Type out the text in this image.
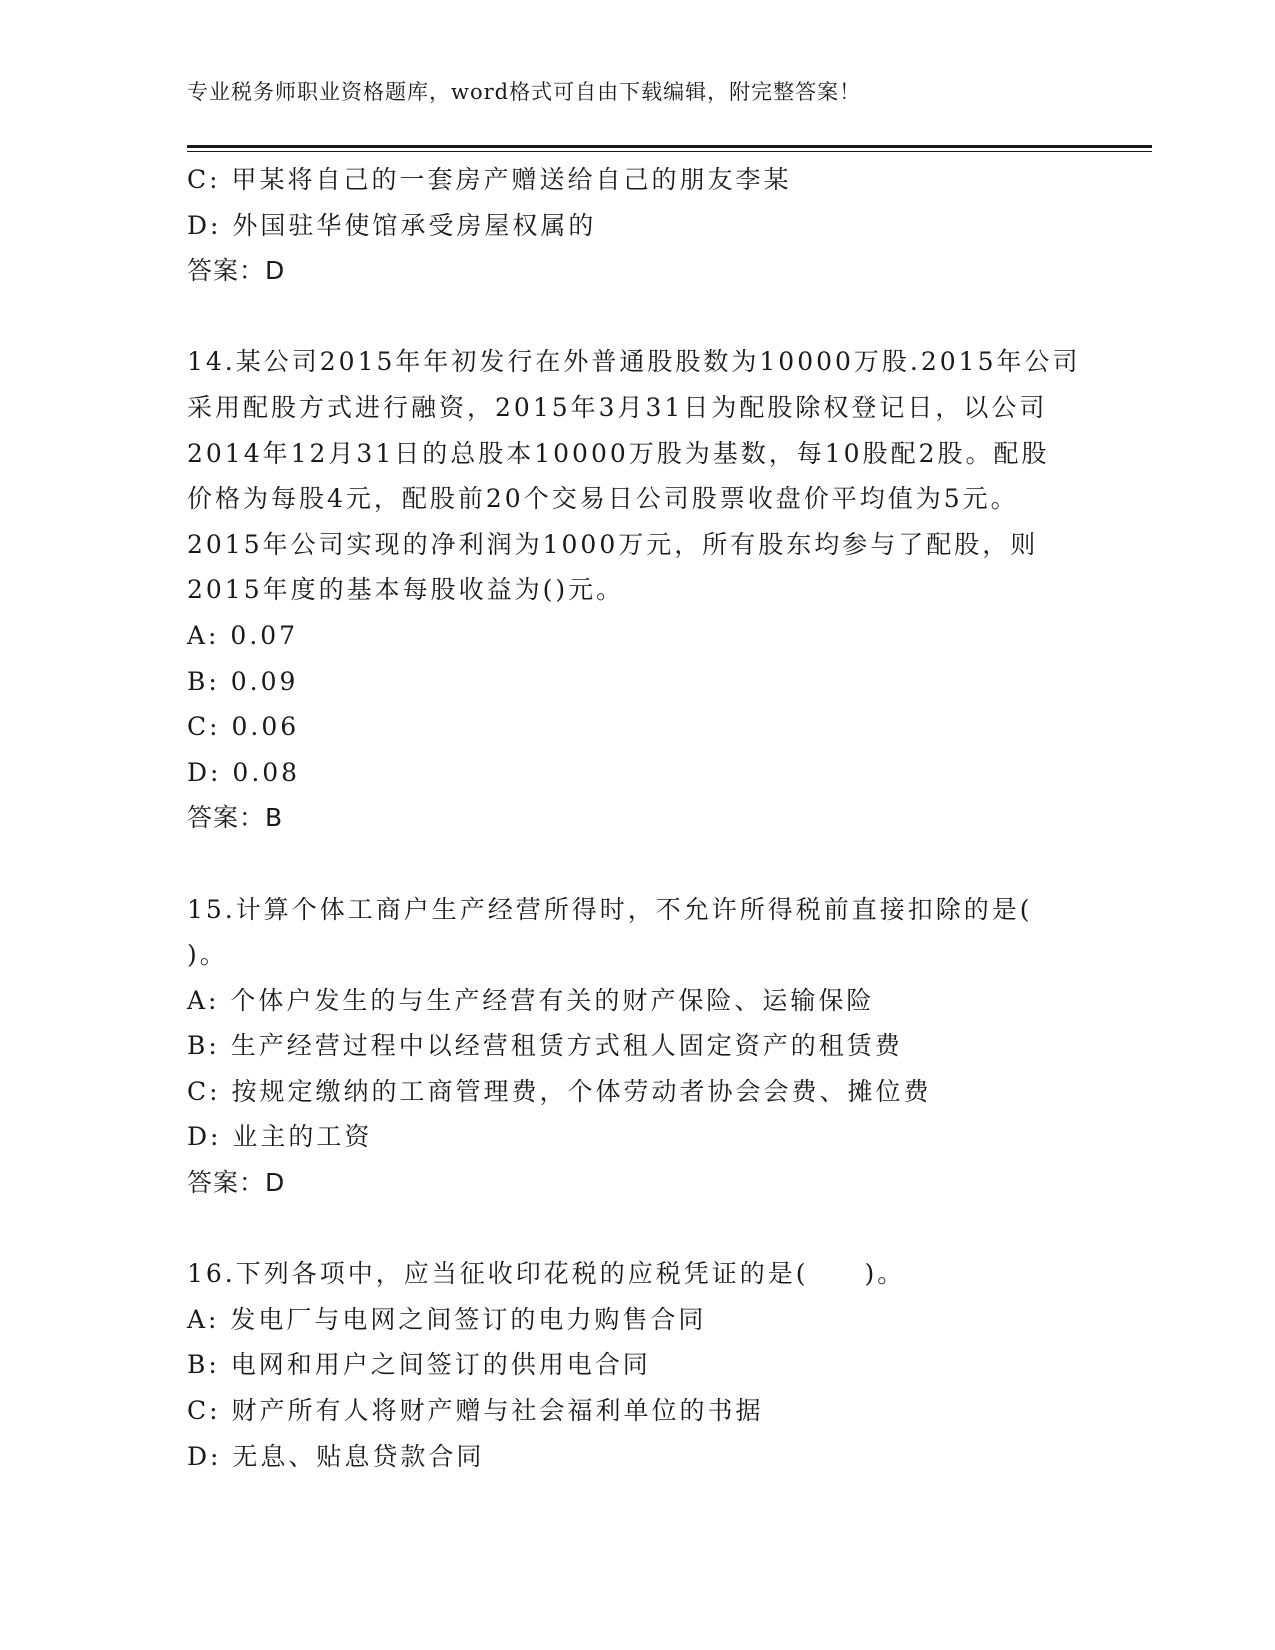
专业税务师职业资格题库，word格式可自由下载编辑，附完整答案！
C: 甲某将自己的一套房产赠送给自己的朋友李某
D: 外国驻华使馆承受房屋权属的
答案：D
14.某公司2015年年初发行在外普通股股数为10000万股.2015年公司
采用配股方式进行融资，2015年3月31日为配股除权登记日，以公司
2014年12月31日的总股本10000万股为基数，每10股配2股。配股
价格为每股4元，配股前20个交易日公司股票收盘价平均值为5元。
2015年公司实现的净利润为1000万元，所有股东均参与了配股，则
2015年度的基本每股收益为()元。
A: 0.07
B: 0.09
C: 0.06
D: 0.08
答案：B
15.计算个体工商户生产经营所得时，不允许所得税前直接扣除的是(
)。
A: 个体户发生的与生产经营有关的财产保险、运输保险
B: 生产经营过程中以经营租赁方式租人固定资产的租赁费
C: 按规定缴纳的工商管理费，个体劳动者协会会费、摊位费
D: 业主的工资
答案：D
16.下列各项中，应当征收印花税的应税凭证的是(　　)。
A: 发电厂与电网之间签订的电力购售合同
B: 电网和用户之间签订的供用电合同
C: 财产所有人将财产赠与社会福利单位的书据
D: 无息、贴息贷款合同
